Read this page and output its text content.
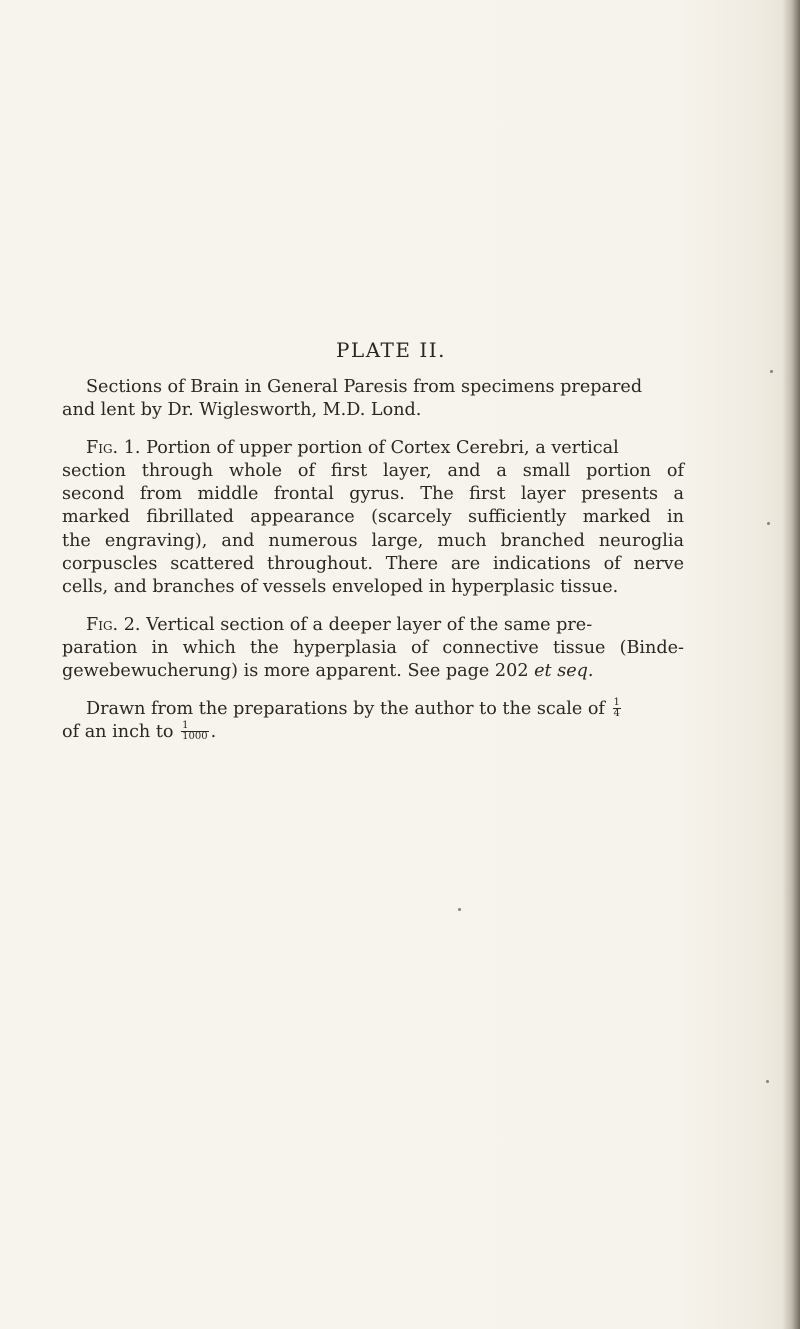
PLATE II.
Sections of Brain in General Paresis from specimens prepared
and lent by Dr. Wiglesworth, M.D. Lond.
Fig. 1. Portion of upper portion of Cortex Cerebri, a vertical
section through whole of first layer, and a small portion of
second from middle frontal gyrus. The first layer presents a
marked fibrillated appearance (scarcely sufficiently marked in
the engraving), and numerous large, much branched neuroglia
corpuscles scattered throughout. There are indications of nerve
cells, and branches of vessels enveloped in hyperplasic tissue.
Fig. 2. Vertical section of a deeper layer of the same pre-
paration in which the hyperplasia of connective tissue (Binde-
gewebewucherung) is more apparent. See page 202 et seq.
Drawn from the preparations by the author to the scale of $\frac{1}{4}$
of an inch to $\frac{1}{1000}$ .
